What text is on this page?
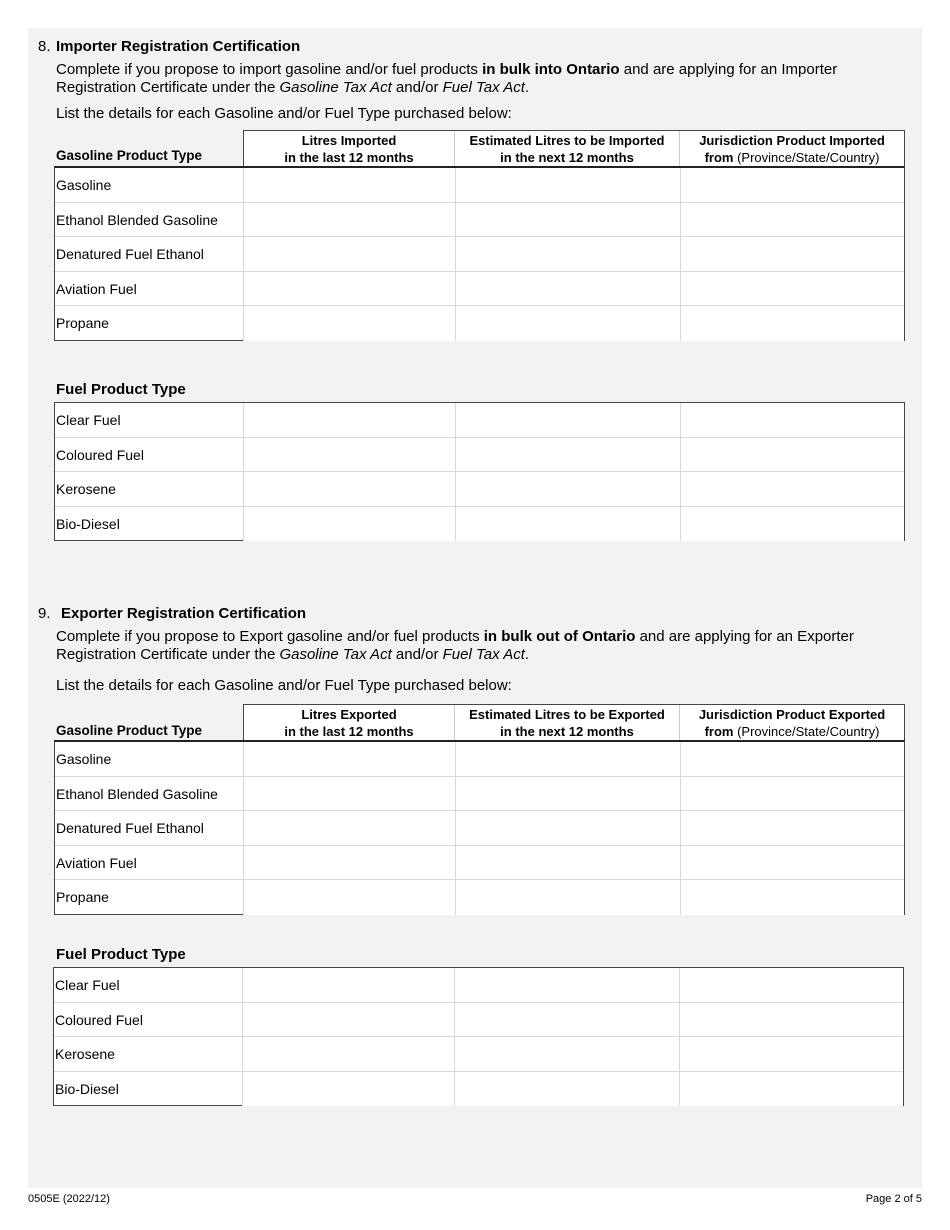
8. Importer Registration Certification
Complete if you propose to import gasoline and/or fuel products in bulk into Ontario and are applying for an Importer Registration Certificate under the Gasoline Tax Act and/or Fuel Tax Act.
List the details for each Gasoline and/or Fuel Type purchased below:
Gasoline Product Type
Litres Imported
in the last 12 months
Estimated Litres to be Imported
in the next 12 months
Jurisdiction Product Imported
from (Province/State/Country)
Gasoline
Ethanol Blended Gasoline
Denatured Fuel Ethanol
Aviation Fuel
Propane
Fuel Product Type
Clear Fuel
Coloured Fuel
Kerosene
Bio-Diesel
9. Exporter Registration Certification
Complete if you propose to Export gasoline and/or fuel products in bulk out of Ontario and are applying for an Exporter Registration Certificate under the Gasoline Tax Act and/or Fuel Tax Act.
List the details for each Gasoline and/or Fuel Type purchased below:
Gasoline Product Type
Litres Exported
in the last 12 months
Estimated Litres to be Exported
in the next 12 months
Jurisdiction Product Exported
from (Province/State/Country)
Gasoline
Ethanol Blended Gasoline
Denatured Fuel Ethanol
Aviation Fuel
Propane
Fuel Product Type
Clear Fuel
Coloured Fuel
Kerosene
Bio-Diesel
0505E (2022/12)	Page 2 of 5
